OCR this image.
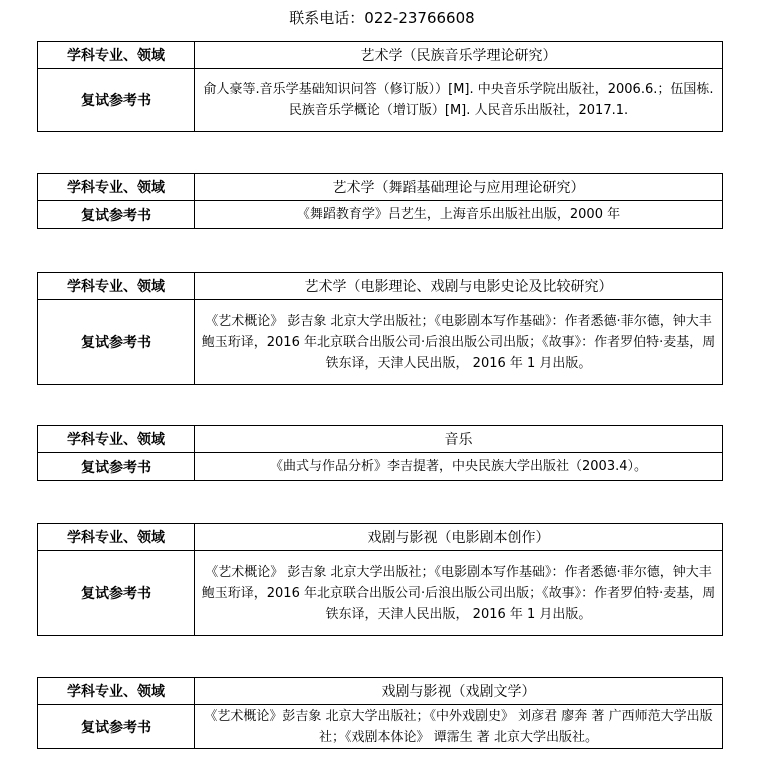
联系电话：022-23766608
学科专业、领域	艺术学（民族音乐学理论研究）
复试参考书	俞人豪等.音乐学基础知识问答（修订版））[M]. 中央音乐学院出版社，2006.6.；伍国栋.民族音乐学概论（增订版）[M]. 人民音乐出版社，2017.1.
学科专业、领域	艺术学（舞蹈基础理论与应用理论研究）
复试参考书	《舞蹈教育学》吕艺生，上海音乐出版社出版，2000 年
学科专业、领域	艺术学（电影理论、戏剧与电影史论及比较研究）
复试参考书	《艺术概论》 彭吉象 北京大学出版社；《电影剧本写作基础》：作者悉德·菲尔德，钟大丰 鲍玉珩译，2016 年北京联合出版公司·后浪出版公司出版；《故事》：作者罗伯特·麦基，周铁东译，天津人民出版， 2016 年 1 月出版。
学科专业、领域	音乐
复试参考书	《曲式与作品分析》李吉提著，中央民族大学出版社（2003.4）。
学科专业、领域	戏剧与影视（电影剧本创作）
复试参考书	《艺术概论》 彭吉象 北京大学出版社；《电影剧本写作基础》：作者悉德·菲尔德，钟大丰 鲍玉珩译，2016 年北京联合出版公司·后浪出版公司出版；《故事》：作者罗伯特·麦基，周铁东译，天津人民出版， 2016 年 1 月出版。
学科专业、领域	戏剧与影视（戏剧文学）
复试参考书	《艺术概论》彭吉象 北京大学出版社；《中外戏剧史》 刘彦君 廖奔 著 广西师范大学出版社；《戏剧本体论》 谭霈生 著 北京大学出版社。
